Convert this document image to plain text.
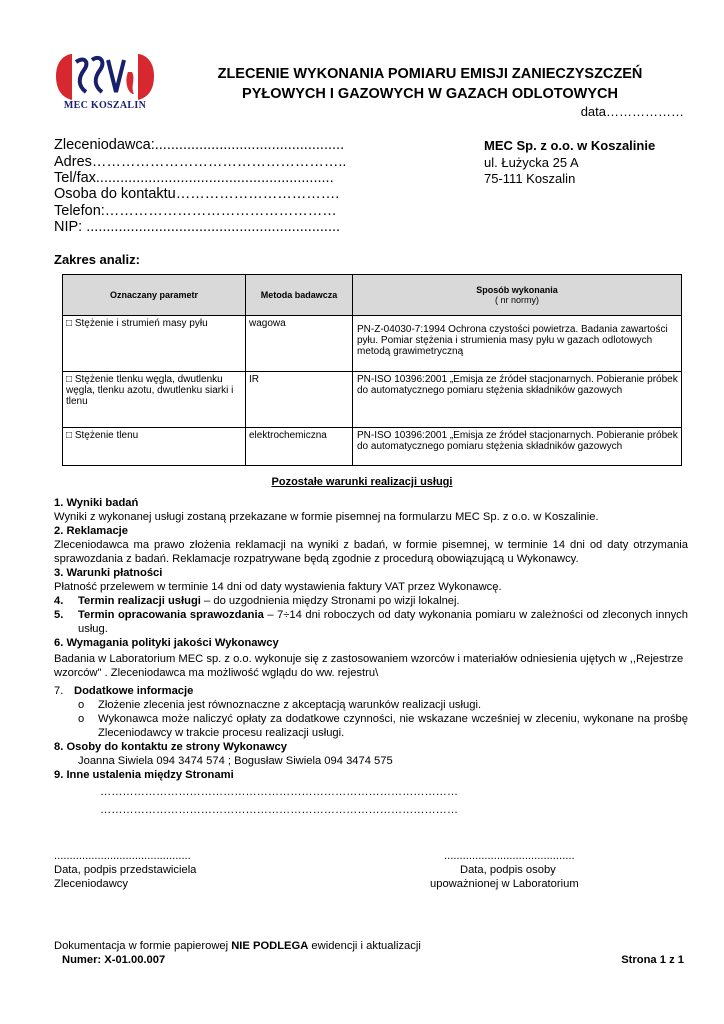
MEC KOSZALIN
ZLECENIE WYKONANIA POMIARU EMISJI ZANIECZYSZCZEŃ
PYŁOWYCH I GAZOWYCH W GAZACH ODLOTOWYCH
data………………
Zleceniodawca:...............................................
Adres……………………………………………..
Tel/fax...........................................................
Osoba do kontaktu…………………………….
Telefon:…………………………………………
NIP: ...............................................................
MEC Sp. z o.o. w Koszalinie
ul. Łużycka 25 A
75-111 Koszalin
Zakres analiz:
Oznaczany parametr	Metoda badawcza	Sposób wykonania
( nr normy)

□ Stężenie i strumień masy pyłu	wagowa	PN-Z-04030-7:1994 Ochrona czystości powietrza. Badania zawartości pyłu. Pomiar stężenia i strumienia masy pyłu w gazach odlotowych metodą grawimetryczną
□ Stężenie tlenku węgla, dwutlenku węgla, tlenku azotu, dwutlenku siarki i tlenu	IR	PN-ISO 10396:2001 „Emisja ze źródeł stacjonarnych. Pobieranie próbek do automatycznego pomiaru stężenia składników gazowych
□ Stężenie tlenu	elektrochemiczna	PN-ISO 10396:2001 „Emisja ze źródeł stacjonarnych. Pobieranie próbek do automatycznego pomiaru stężenia składników gazowych
Pozostałe warunki realizacji usługi
1. Wyniki badań
Wyniki z wykonanej usługi zostaną przekazane w formie pisemnej na formularzu MEC Sp. z o.o. w Koszalinie.
2. Reklamacje
Zleceniodawca ma prawo złożenia reklamacji na wyniki z badań, w formie pisemnej, w terminie 14 dni od daty otrzymania sprawozdania z badań. Reklamacje rozpatrywane będą zgodnie z procedurą obowiązującą u Wykonawcy.
3. Warunki płatności
Płatność przelewem w terminie 14 dni od daty wystawienia faktury VAT przez Wykonawcę.
4. Termin realizacji usługi – do uzgodnienia między Stronami po wizji lokalnej.
5. Termin opracowania sprawozdania – 7÷14 dni roboczych od daty wykonania pomiaru w zależności od zleconych innych usług.
6. Wymagania polityki jakości Wykonawcy
Badania w Laboratorium MEC sp. z o.o. wykonuje się z zastosowaniem wzorców i materiałów odniesienia ujętych w ,,Rejestrze wzorców" . Zleceniodawca ma możliwość wglądu do ww. rejestru\
7. Dodatkowe informacje
o Złożenie zlecenia jest równoznaczne z akceptacją warunków realizacji usługi.
o Wykonawca może naliczyć opłaty za dodatkowe czynności, nie wskazane wcześniej w zleceniu, wykonane na prośbę Zleceniodawcy w trakcie procesu realizacji usługi.
8. Osoby do kontaktu ze strony Wykonawcy
Joanna Siwiela 094 3474 574 ; Bogusław Siwiela 094 3474 575
9. Inne ustalenia między Stronami
……………………………………………………………………………………
……………………………………………………………………………………
............................................
Data, podpis przedstawiciela
Zleceniodawcy
..........................................
Data, podpis osoby
upoważnionej w Laboratorium
Dokumentacja w formie papierowej NIE PODLEGA ewidencji i aktualizacji
Numer: X-01.00.007	Strona 1 z 1
